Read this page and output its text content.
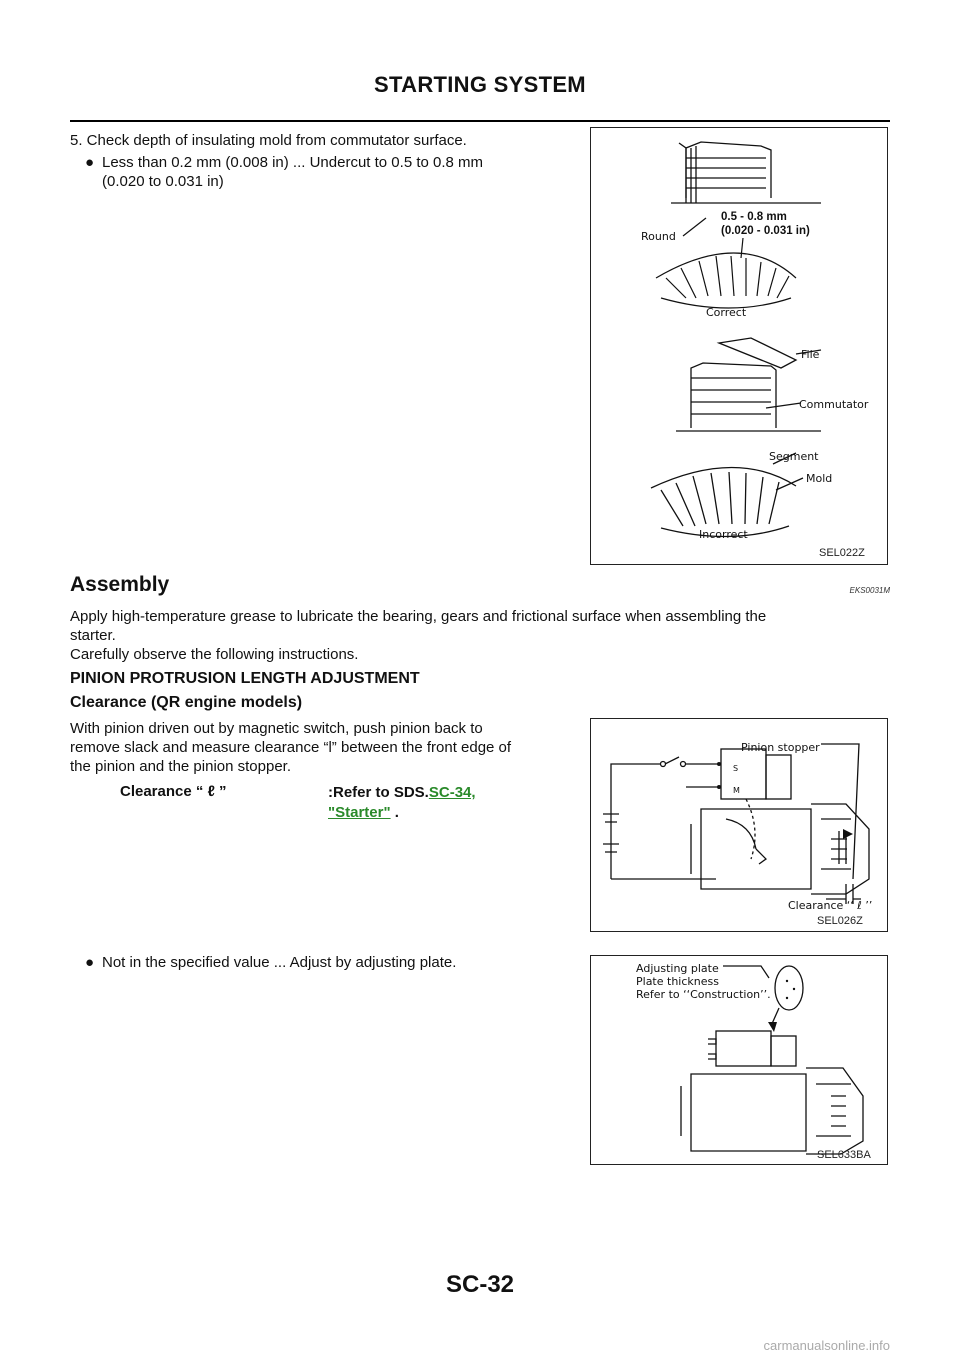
STARTING SYSTEM
5. Check depth of insulating mold from commutator surface.
● Less than 0.2 mm (0.008 in) ... Undercut to 0.5 to 0.8 mm
(0.020 to 0.031 in)
0.5 - 0.8 mm
(0.020 - 0.031 in)
Round
Correct
File
Commutator
Segment
Mold
Incorrect
SEL022Z
Assembly	EKS0031M
Apply high-temperature grease to lubricate the bearing, gears and frictional surface when assembling the
starter.
Carefully observe the following instructions.
PINION PROTRUSION LENGTH ADJUSTMENT
Clearance (QR engine models)
With pinion driven out by magnetic switch, push pinion back to
remove slack and measure clearance “l” between the front edge of
the pinion and the pinion stopper.
Clearance “ ℓ ”	:Refer to SDS.SC-34,
"Starter" .
Pinion stopper
S
M
Clearance ‘‘ ℓ ’’
SEL026Z
● Not in the specified value ... Adjust by adjusting plate.	Adjusting plate
Plate thickness
Refer to ‘‘Construction’’.
SEL633BA
SC-32
carmanualsonline.info
